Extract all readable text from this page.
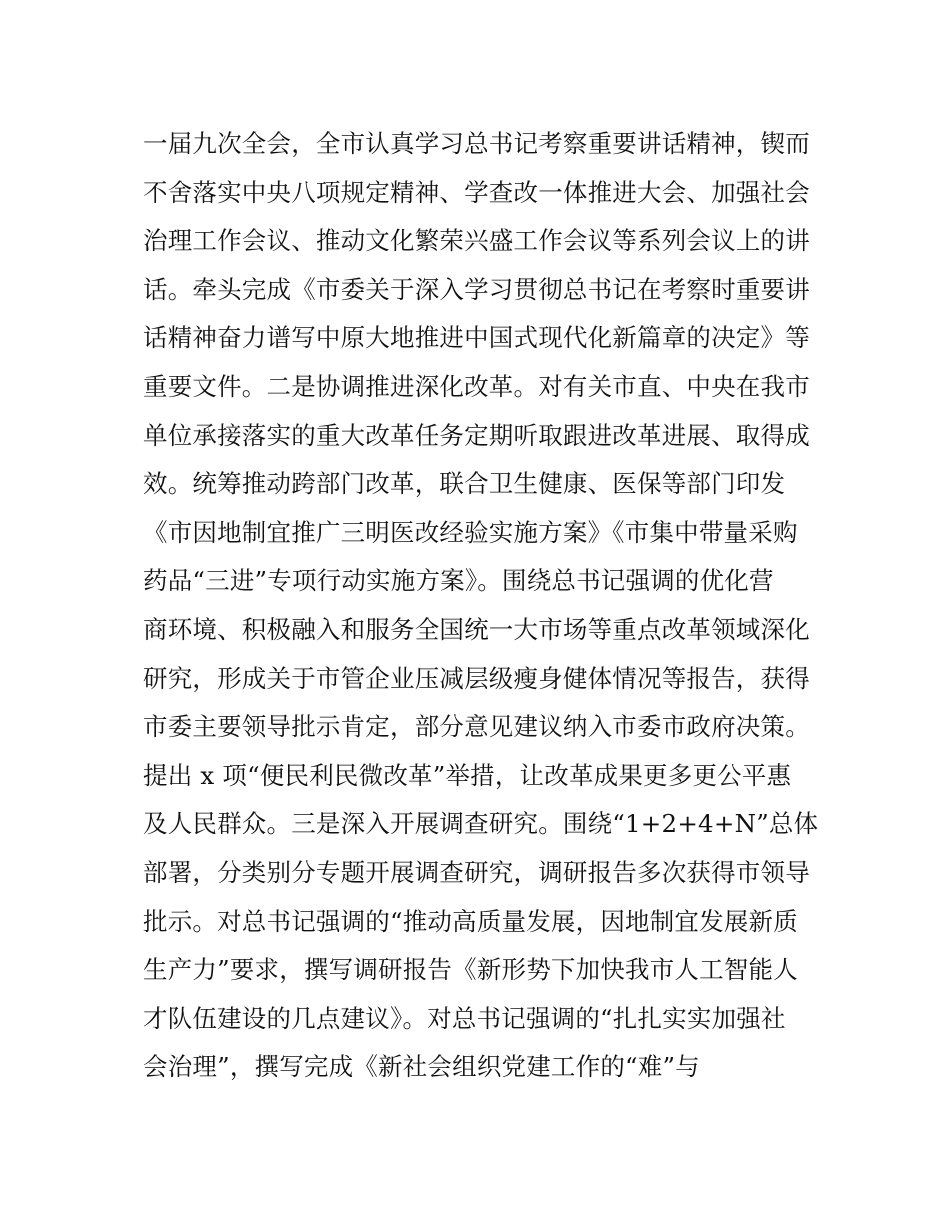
一届九次全会，全市认真学习总书记考察重要讲话精神，锲而
不舍落实中央八项规定精神、学查改一体推进大会、加强社会
治理工作会议、推动文化繁荣兴盛工作会议等系列会议上的讲
话。牵头完成《市委关于深入学习贯彻总书记在考察时重要讲
话精神奋力谱写中原大地推进中国式现代化新篇章的决定》等
重要文件。二是协调推进深化改革。对有关市直、中央在我市
单位承接落实的重大改革任务定期听取跟进改革进展、取得成
效。统筹推动跨部门改革，联合卫生健康、医保等部门印发
《市因地制宜推广三明医改经验实施方案》《市集中带量采购
药品“三进”专项行动实施方案》。围绕总书记强调的优化营
商环境、积极融入和服务全国统一大市场等重点改革领域深化
研究，形成关于市管企业压减层级瘦身健体情况等报告，获得
市委主要领导批示肯定，部分意见建议纳入市委市政府决策。
提出 x 项“便民利民微改革”举措，让改革成果更多更公平惠
及人民群众。三是深入开展调查研究。围绕“1+2+4+N”总体
部署，分类别分专题开展调查研究，调研报告多次获得市领导
批示。对总书记强调的“推动高质量发展，因地制宜发展新质
生产力”要求，撰写调研报告《新形势下加快我市人工智能人
才队伍建设的几点建议》。对总书记强调的“扎扎实实加强社
会治理”，撰写完成《新社会组织党建工作的“难”与
